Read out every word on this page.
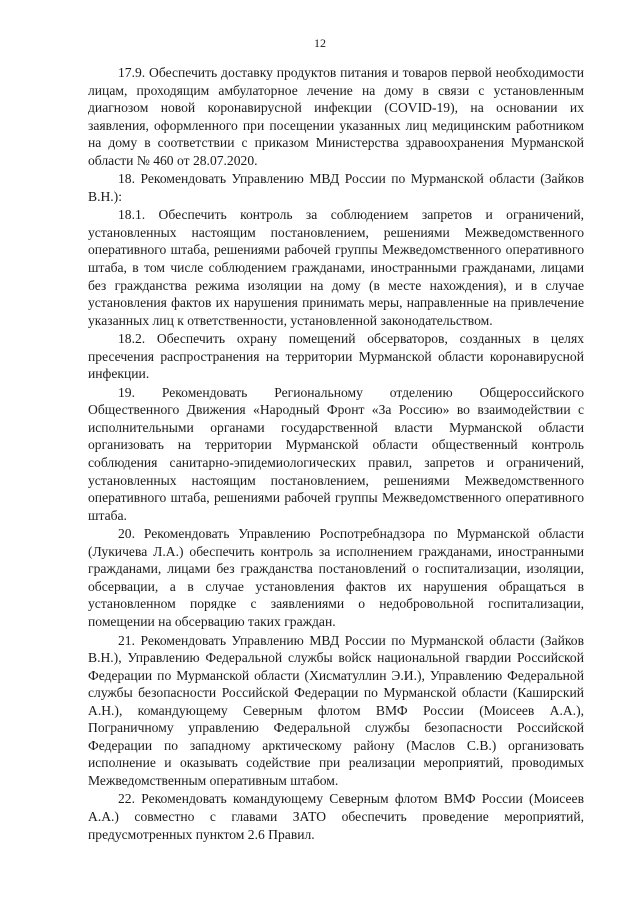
12

17.9. Обеспечить доставку продуктов питания и товаров первой необходимости лицам, проходящим амбулаторное лечение на дому в связи с установленным диагнозом новой коронавирусной инфекции (COVID-19), на основании их заявления, оформленного при посещении указанных лиц медицинским работником на дому в соответствии с приказом Министерства здравоохранения Мурманской области № 460 от 28.07.2020.

18. Рекомендовать Управлению МВД России по Мурманской области (Зайков В.Н.):

18.1. Обеспечить контроль за соблюдением запретов и ограничений, установленных настоящим постановлением, решениями Межведомственного оперативного штаба, решениями рабочей группы Межведомственного оперативного штаба, в том числе соблюдением гражданами, иностранными гражданами, лицами без гражданства режима изоляции на дому (в месте нахождения), и в случае установления фактов их нарушения принимать меры, направленные на привлечение указанных лиц к ответственности, установленной законодательством.

18.2. Обеспечить охрану помещений обсерваторов, созданных в целях пресечения распространения на территории Мурманской области коронавирусной инфекции.

19. Рекомендовать Региональному отделению Общероссийского Общественного Движения «Народный Фронт «За Россию» во взаимодействии с исполнительными органами государственной власти Мурманской области организовать на территории Мурманской области общественный контроль соблюдения санитарно-эпидемиологических правил, запретов и ограничений, установленных настоящим постановлением, решениями Межведомственного оперативного штаба, решениями рабочей группы Межведомственного оперативного штаба.

20. Рекомендовать Управлению Роспотребнадзора по Мурманской области (Лукичева Л.А.) обеспечить контроль за исполнением гражданами, иностранными гражданами, лицами без гражданства постановлений о госпитализации, изоляции, обсервации, а в случае установления фактов их нарушения обращаться в установленном порядке с заявлениями о недобровольной госпитализации, помещении на обсервацию таких граждан.

21. Рекомендовать Управлению МВД России по Мурманской области (Зайков В.Н.), Управлению Федеральной службы войск национальной гвардии Российской Федерации по Мурманской области (Хисматуллин Э.И.), Управлению Федеральной службы безопасности Российской Федерации по Мурманской области (Каширский А.Н.), командующему Северным флотом ВМФ России (Моисеев А.А.), Пограничному управлению Федеральной службы безопасности Российской Федерации по западному арктическому району (Маслов С.В.) организовать исполнение и оказывать содействие при реализации мероприятий, проводимых Межведомственным оперативным штабом.

22. Рекомендовать командующему Северным флотом ВМФ России (Моисеев А.А.) совместно с главами ЗАТО обеспечить проведение мероприятий, предусмотренных пунктом 2.6 Правил.
